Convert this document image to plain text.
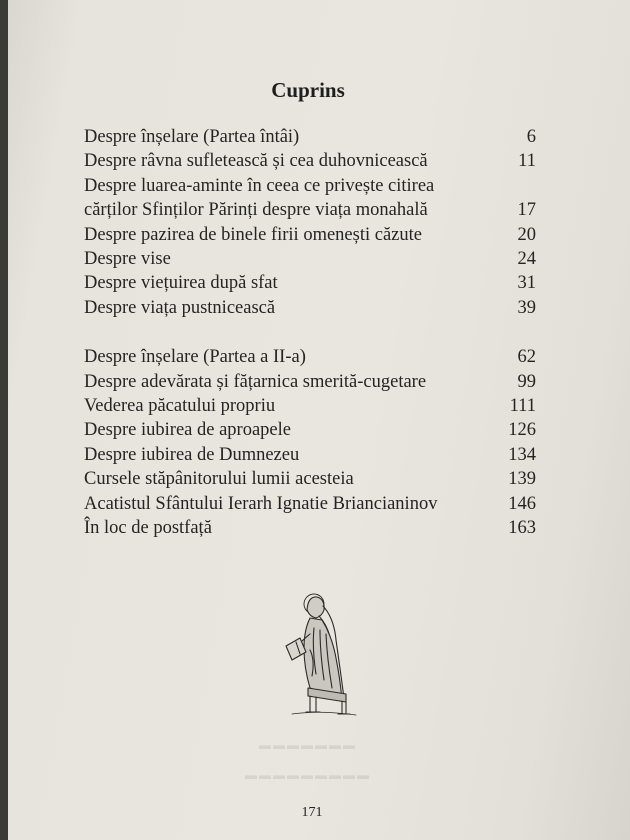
Cuprins
Despre înșelare (Partea întâi)	6
Despre râvna sufletească și cea duhovnicească	11
Despre luarea-aminte în ceea ce privește citirea
cărților Sfinților Părinți despre viața monahală	17
Despre pazirea de binele firii omenești căzute	20
Despre vise	24
Despre viețuirea după sfat	31
Despre viața pustnicească	39
Despre înșelare (Partea a II-a)	62
Despre adevărata și fățarnica smerită-cugetare	99
Vederea păcatului propriu	111
Despre iubirea de aproapele	126
Despre iubirea de Dumnezeu	134
Cursele stăpânitorului lumii acesteia	139
Acatistul Sfântului Ierarh Ignatie Briancianinov	146
În loc de postfață	163
▬▬▬▬▬▬▬
▬▬▬▬▬▬▬▬▬
171
